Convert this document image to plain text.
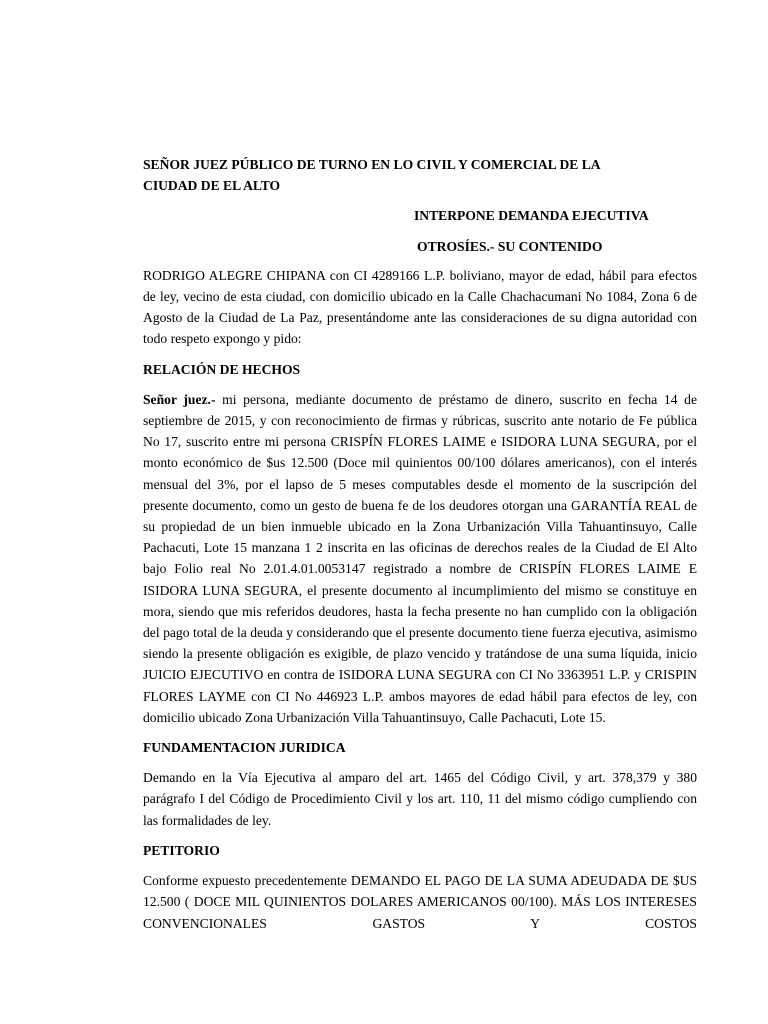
SEÑOR JUEZ PÚBLICO DE TURNO EN LO CIVIL Y COMERCIAL DE LA

CIUDAD DE EL ALTO

INTERPONE DEMANDA EJECUTIVA

OTROSÍES.- SU CONTENIDO

RODRIGO ALEGRE CHIPANA con CI 4289166 L.P. boliviano, mayor de edad, hábil para efectos de ley, vecino de esta ciudad, con domicilio ubicado en la Calle Chachacumani No 1084, Zona 6 de Agosto de la Ciudad de La Paz, presentándome ante las consideraciones de su digna autoridad con todo respeto expongo y pido:

RELACIÓN DE HECHOS

Señor juez.- mi persona, mediante documento de préstamo de dinero, suscrito en fecha 14 de septiembre de 2015, y con reconocimiento de firmas y rúbricas, suscrito ante notario de Fe pública No 17, suscrito entre mi persona CRISPÍN FLORES LAIME e ISIDORA LUNA SEGURA, por el monto económico de $us 12.500 (Doce mil quinientos 00/100 dólares americanos), con el interés mensual del 3%, por el lapso de 5 meses computables desde el momento de la suscripción del presente documento, como un gesto de buena fe de los deudores otorgan una GARANTÍA REAL de su propiedad de un bien inmueble ubicado en la Zona Urbanización Villa Tahuantinsuyo, Calle Pachacuti, Lote 15 manzana 1 2 inscrita en las oficinas de derechos reales de la Ciudad de El Alto bajo Folio real No 2.01.4.01.0053147 registrado a nombre de CRISPÍN FLORES LAIME E ISIDORA LUNA SEGURA, el presente documento al incumplimiento del mismo se constituye en mora, siendo que mis referidos deudores, hasta la fecha presente no han cumplido con la obligación del pago total de la deuda y considerando que el presente documento tiene fuerza ejecutiva, asimismo siendo la presente obligación es exigible, de plazo vencido y tratándose de una suma líquida, inicio JUICIO EJECUTIVO en contra de ISIDORA LUNA SEGURA con CI No 3363951 L.P. y CRISPIN FLORES LAYME con CI No 446923 L.P. ambos mayores de edad hábil para efectos de ley, con domicilio ubicado Zona Urbanización Villa Tahuantinsuyo, Calle Pachacuti, Lote 15.

FUNDAMENTACION JURIDICA

Demando en la Vía Ejecutiva al amparo del art. 1465 del Código Civil, y art. 378,379 y 380 parágrafo I del Código de Procedimiento Civil y los art. 110, 11 del mismo código cumpliendo con las formalidades de ley.

PETITORIO

Conforme expuesto precedentemente DEMANDO EL PAGO DE LA SUMA ADEUDADA DE $US 12.500 ( DOCE MIL QUINIENTOS DOLARES AMERICANOS 00/100). MÁS LOS INTERESES CONVENCIONALES GASTOS Y COSTOS
